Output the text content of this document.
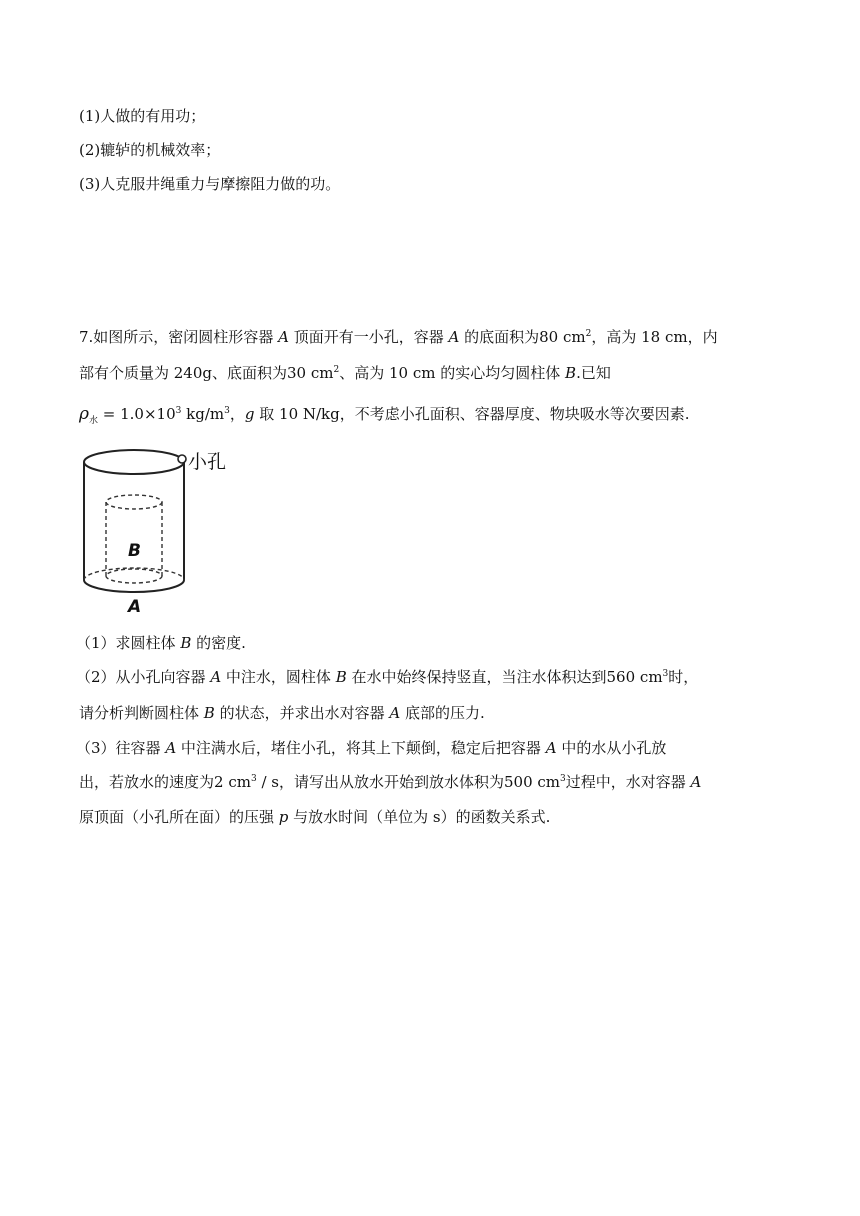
(1)人做的有用功；
(2)辘轳的机械效率；
(3)人克服井绳重力与摩擦阻力做的功。
7.如图所示，密闭圆柱形容器 A 顶面开有一小孔，容器 A 的底面积为80 $cm^2$，高为 18 cm，内
部有个质量为 240g、底面积为30 $cm^2$、高为 10 cm 的实心均匀圆柱体 B.已知
$\rho_水 = 1.0\times 10^3$ $kg/m^3$，g 取 10 N/kg，不考虑小孔面积、容器厚度、物块吸水等次要因素.
小孔
B
A
（1）求圆柱体 B 的密度.
（2）从小孔向容器 A 中注水，圆柱体 B 在水中始终保持竖直，当注水体积达到560 $cm^3$时，
请分析判断圆柱体 B 的状态，并求出水对容器 A 底部的压力.
（3）往容器 A 中注满水后，堵住小孔，将其上下颠倒，稳定后把容器 A 中的水从小孔放
出，若放水的速度为2 $cm^3$ / s，请写出从放水开始到放水体积为500 $cm^3$过程中，水对容器 A
原顶面（小孔所在面）的压强 p 与放水时间（单位为 s）的函数关系式.
